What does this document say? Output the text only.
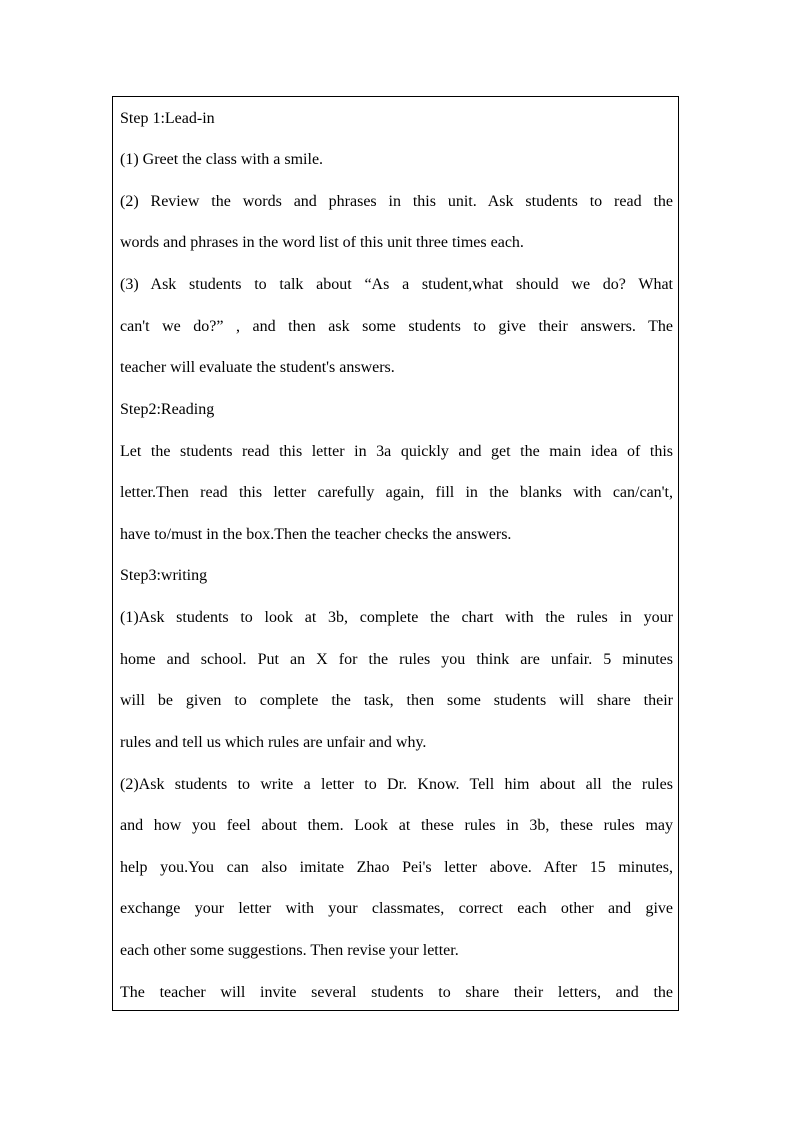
Step 1:Lead-in
(1) Greet the class with a smile.
(2) Review the words and phrases in this unit. Ask students to read the
words and phrases in the word list of this unit three times each.
(3) Ask students to talk about “As a student,what should we do? What
can't we do?” , and then ask some students to give their answers. The
teacher will evaluate the student's answers.
Step2:Reading
Let the students read this letter in 3a quickly and get the main idea of this
letter.Then read this letter carefully again, fill in the blanks with can/can't,
have to/must in the box.Then the teacher checks the answers.
Step3:writing
(1)Ask students to look at 3b, complete the chart with the rules in your
home and school. Put an X for the rules you think are unfair. 5 minutes
will be given to complete the task, then some students will share their
rules and tell us which rules are unfair and why.
(2)Ask students to write a letter to Dr. Know. Tell him about all the rules
and how you feel about them. Look at these rules in 3b, these rules may
help you.You can also imitate Zhao Pei's letter above. After 15 minutes,
exchange your letter with your classmates, correct each other and give
each other some suggestions. Then revise your letter.
The teacher will invite several students to share their letters, and the
